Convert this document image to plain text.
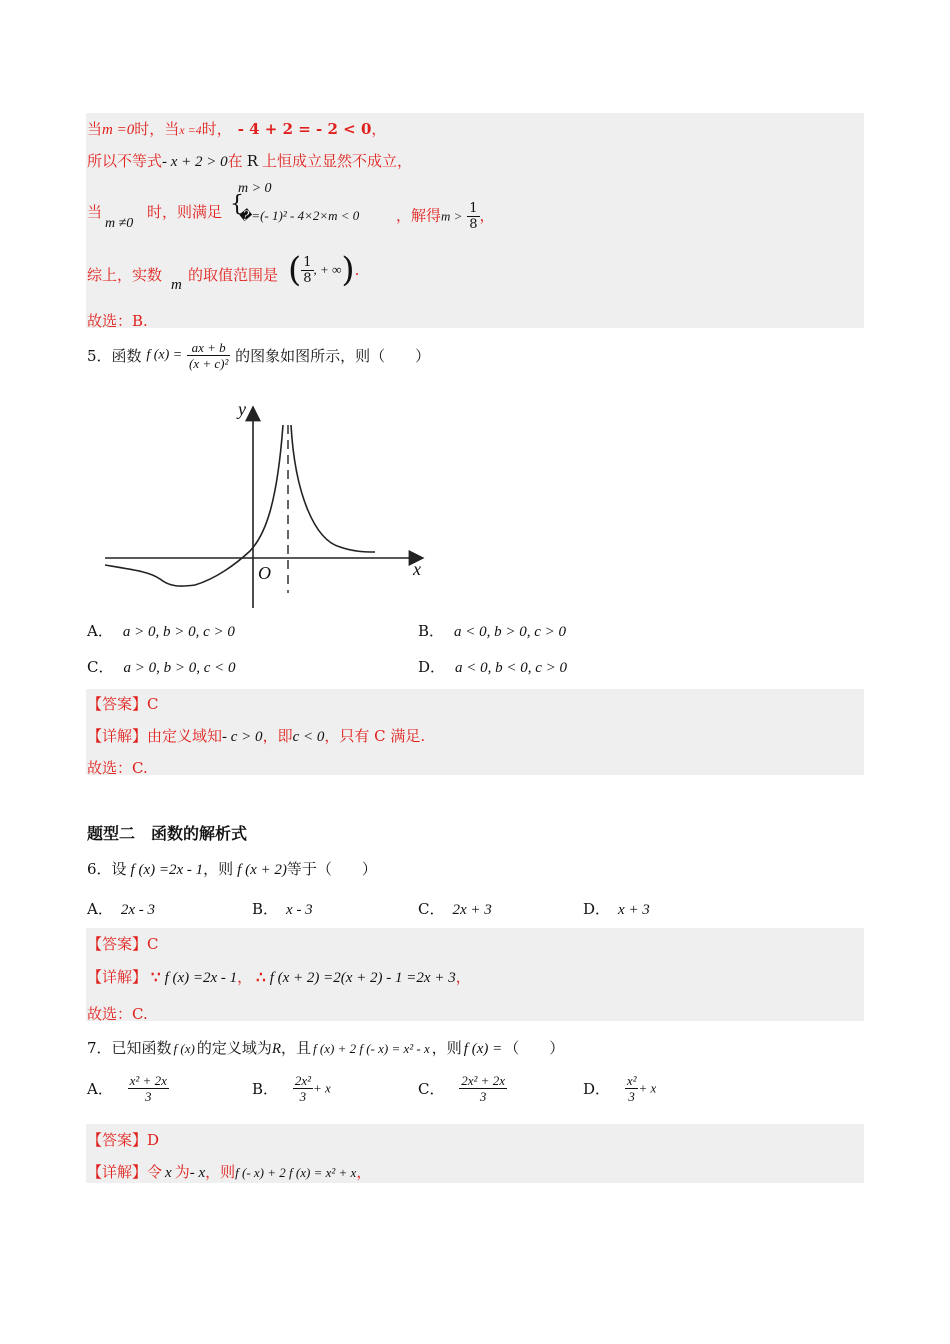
当m =0时，当x =4时， - 4 + 2 = - 2 < 0，
所以不等式- x + 2 > 0在 R 上恒成立显然不成立，
当
m ≠0
时，则满足 {
m > 0
�=(- 1)² - 4×2×m < 0 ，解得$m > \frac{1}{8}$ ，
综上，实数
m
的取值范围是 ( $\frac{1}{8}$ , + ∞).
故选：B.
5．函数 f $(x) = \frac{ax + b}{\text{(x + c)²}}$ 的图象如图所示，则（　　）
y
x
O
A． a > 0, b > 0, c > 0	B． a < 0, b > 0, c > 0
C． a > 0, b > 0, c < 0	D． a < 0, b < 0, c > 0
【答案】C
【详解】由定义域知- c > 0，即c < 0，只有 C 满足.
故选：C.
题型二　函数的解析式
6．设 f (x) =2x - 1，则 f (x + 2)等于（　　）
A． 2x - 3	B． x - 3	C． 2x + 3	D． x + 3
【答案】C
【详解】 ∵ f (x) =2x - 1， ∴ f (x + 2) =2(x + 2) - 1 =2x + 3，
故选：C.
7．已知函数 f (x) 的定义域为R，且 f (x) + 2 f (- x) = x² - x ，则 f (x) = （　　）
A． $\frac{\text{x² + 2x}}{3}$	B． $\frac{\text{2x²}}{3} + x$	C． $\frac{\text{2x² + 2x}}{3}$	D． $\frac{\text{x²}}{3} + x$
【答案】D
【详解】令 x 为- x，则f (- x) + 2 f (x) = x² + x，
